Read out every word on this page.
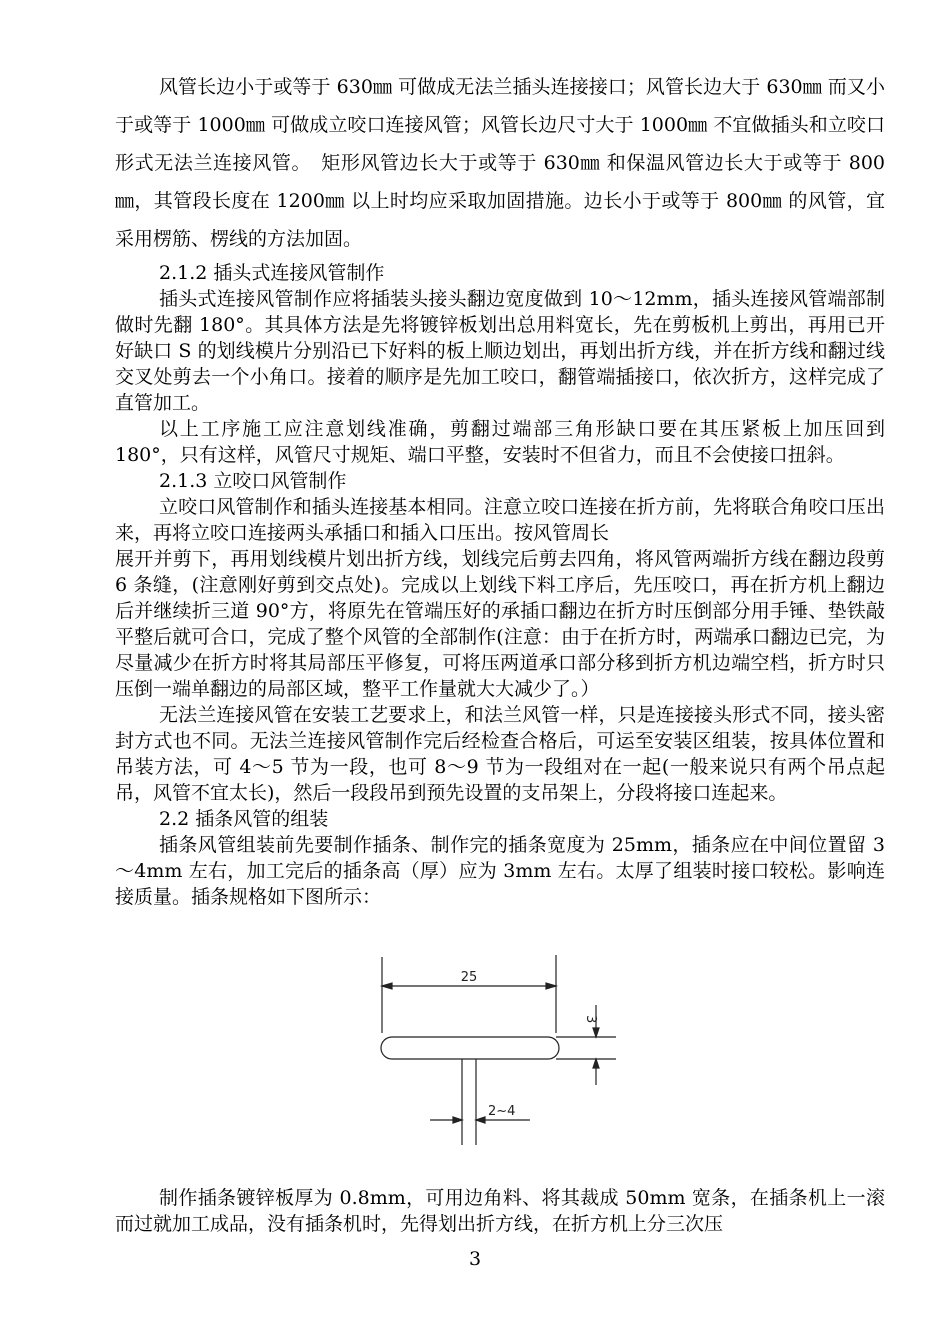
风管长边小于或等于 630㎜ 可做成无法兰插头连接接口；风管长边大于 630㎜ 而又小于或等于 1000㎜ 可做成立咬口连接风管；风管长边尺寸大于 1000㎜ 不宜做插头和立咬口形式无法兰连接风管。　矩形风管边长大于或等于 630㎜ 和保温风管边长大于或等于 800㎜，其管段长度在 1200㎜ 以上时均应采取加固措施。边长小于或等于 800㎜ 的风管，宜采用楞筋、楞线的方法加固。

2.1.2 插头式连接风管制作

插头式连接风管制作应将插装头接头翻边宽度做到 10～12mm，插头连接风管端部制做时先翻 180°。其具体方法是先将镀锌板划出总用料宽长，先在剪板机上剪出，再用已开好缺口 S 的划线模片分别沿已下好料的板上顺边划出，再划出折方线，并在折方线和翻过线交叉处剪去一个小角口。接着的顺序是先加工咬口，翻管端插接口，依次折方，这样完成了直管加工。

以上工序施工应注意划线准确，剪翻过端部三角形缺口要在其压紧板上加压回到 180°，只有这样，风管尺寸规矩、端口平整，安装时不但省力，而且不会使接口扭斜。

2.1.3 立咬口风管制作

立咬口风管制作和插头连接基本相同。注意立咬口连接在折方前，先将联合角咬口压出来，再将立咬口连接两头承插口和插入口压出。按风管周长

展开并剪下，再用划线模片划出折方线，划线完后剪去四角，将风管两端折方线在翻边段剪 6 条缝，(注意刚好剪到交点处)。完成以上划线下料工序后，先压咬口，再在折方机上翻边后并继续折三道 90°方，将原先在管端压好的承插口翻边在折方时压倒部分用手锤、垫铁敲平整后就可合口，完成了整个风管的全部制作(注意：由于在折方时，两端承口翻边已完，为尽量减少在折方时将其局部压平修复，可将压两道承口部分移到折方机边端空档，折方时只压倒一端单翻边的局部区域，整平工作量就大大减少了。）

无法兰连接风管在安装工艺要求上，和法兰风管一样，只是连接接头形式不同，接头密封方式也不同。无法兰连接风管制作完后经检查合格后，可运至安装区组装，按具体位置和吊装方法，可 4～5 节为一段，也可 8～9 节为一段组对在一起(一般来说只有两个吊点起吊，风管不宜太长)，然后一段段吊到预先设置的支吊架上，分段将接口连起来。

2.2 插条风管的组装

插条风管组装前先要制作插条、制作完的插条宽度为 25mm，插条应在中间位置留 3～4mm 左右，加工完后的插条高（厚）应为 3mm 左右。太厚了组装时接口较松。影响连接质量。插条规格如下图所示：

25
3
2~4

制作插条镀锌板厚为 0.8mm，可用边角料、将其裁成 50mm 宽条，在插条机上一滚而过就加工成品，没有插条机时，先得划出折方线，在折方机上分三次压

3
